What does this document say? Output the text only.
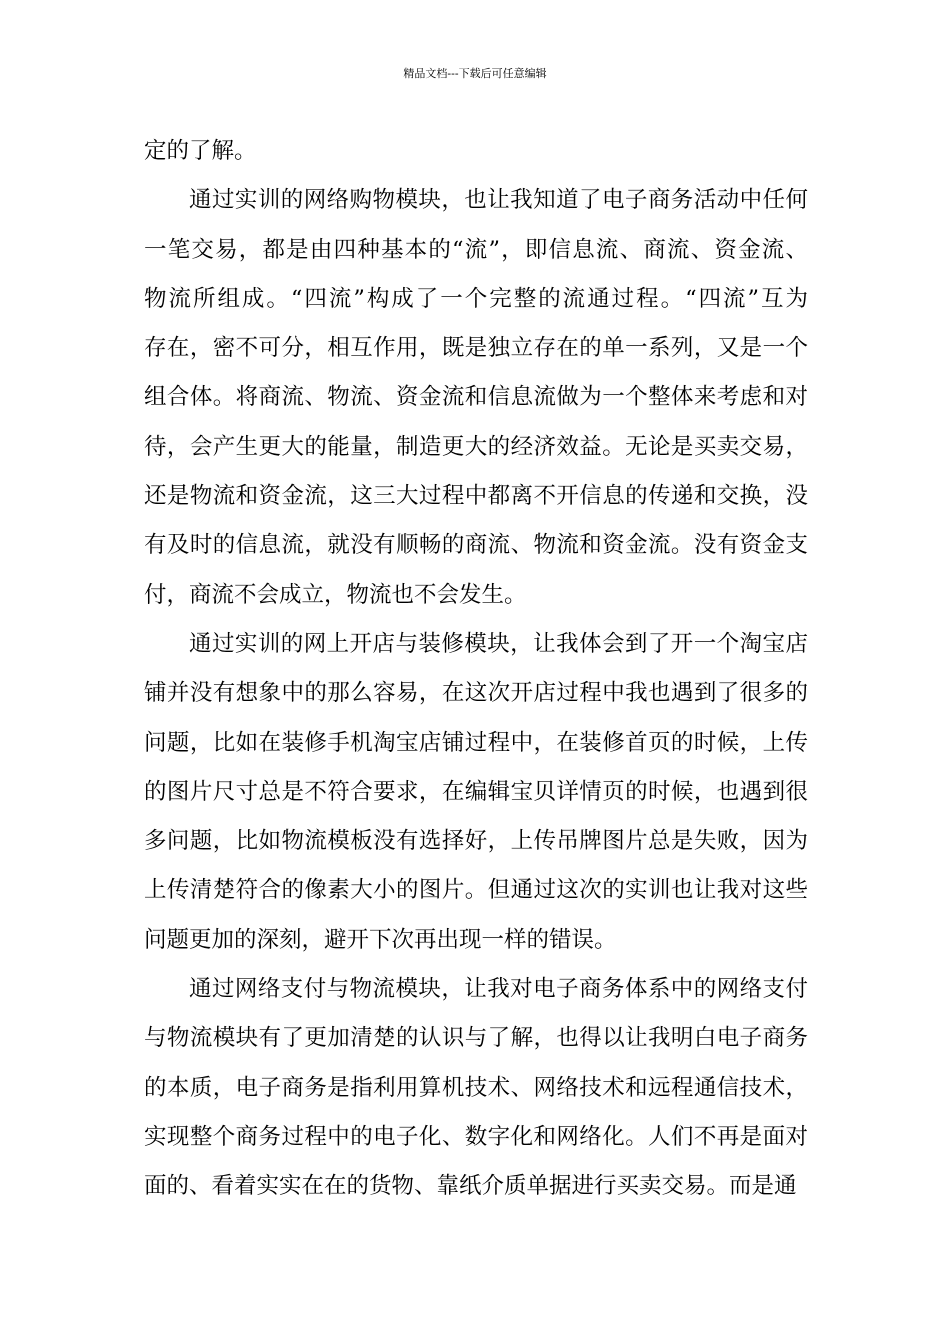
精品文档---下载后可任意编辑
定的了解。
通过实训的网络购物模块，也让我知道了电子商务活动中任何
一笔交易，都是由四种基本的“流”，即信息流、商流、资金流、
物流所组成。“四流”构成了一个完整的流通过程。“四流”互为
存在，密不可分，相互作用，既是独立存在的单一系列，又是一个
组合体。将商流、物流、资金流和信息流做为一个整体来考虑和对
待，会产生更大的能量，制造更大的经济效益。无论是买卖交易，
还是物流和资金流，这三大过程中都离不开信息的传递和交换，没
有及时的信息流，就没有顺畅的商流、物流和资金流。没有资金支
付，商流不会成立，物流也不会发生。
通过实训的网上开店与装修模块，让我体会到了开一个淘宝店
铺并没有想象中的那么容易，在这次开店过程中我也遇到了很多的
问题，比如在装修手机淘宝店铺过程中，在装修首页的时候，上传
的图片尺寸总是不符合要求，在编辑宝贝详情页的时候，也遇到很
多问题，比如物流模板没有选择好，上传吊牌图片总是失败，因为
上传清楚符合的像素大小的图片。但通过这次的实训也让我对这些
问题更加的深刻，避开下次再出现一样的错误。
通过网络支付与物流模块，让我对电子商务体系中的网络支付
与物流模块有了更加清楚的认识与了解，也得以让我明白电子商务
的本质，电子商务是指利用算机技术、网络技术和远程通信技术，
实现整个商务过程中的电子化、数字化和网络化。人们不再是面对
面的、看着实实在在的货物、靠纸介质单据进行买卖交易。而是通
